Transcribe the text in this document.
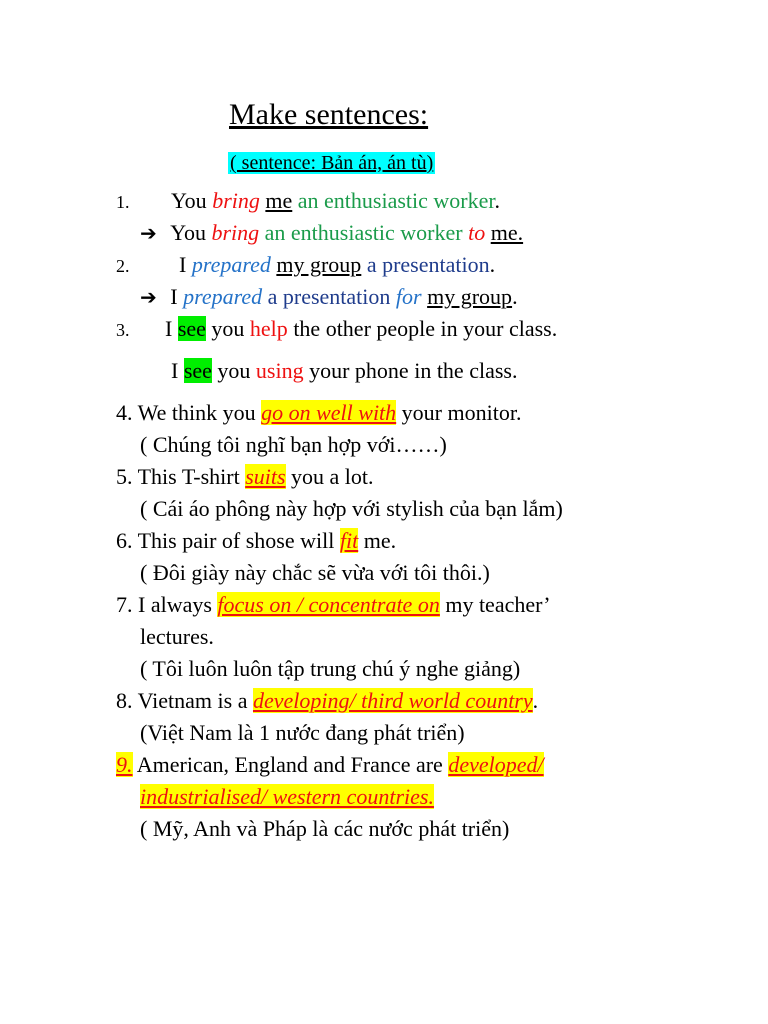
Make sentences:
( sentence: Bản án, án tù)
1. You bring me an enthusiastic worker.
➔ You bring an enthusiastic worker to me.
2. I prepared my group a presentation.
➔ I prepared a presentation for my group.
3. I see you help the other people in your class.
I see you using your phone in the class.
4. We think you go on well with your monitor.
( Chúng tôi nghĩ bạn hợp với……)
5. This T-shirt suits you a lot.
( Cái áo phông này hợp với stylish của bạn lắm)
6. This pair of shose will fit me.
( Đôi giày này chắc sẽ vừa với tôi thôi.)
7. I always focus on / concentrate on my teacher’
lectures.
( Tôi luôn luôn tập trung chú ý nghe giảng)
8. Vietnam is a developing/ third world country.
(Việt Nam là 1 nước đang phát triển)
9. American, England and France are developed/
industrialised/ western countries.
( Mỹ, Anh và Pháp là các nước phát triển)
